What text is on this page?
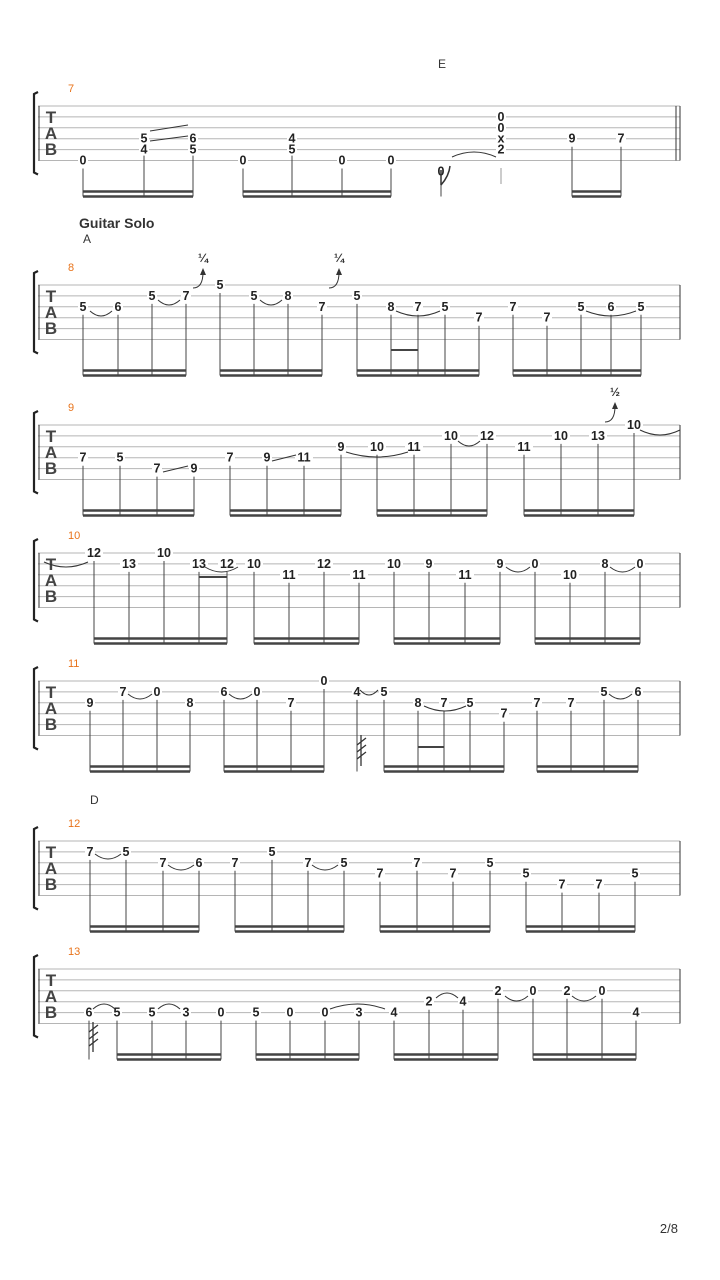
T
A
B
7
E
0
5
4
6
5
0
4
5
0	0
0
0
x
2
0
9	7
T
A
B
8
A
5 6
5 7
5
5 8
7
5
8 7 5
7
7
7
5 6 5
T
A
B
9
7 5
7 9
7 9 11
9 10 11
10 12
11
10 13
10
T
A
B
10
12
13
10
13 12 10
11
12
11
10 9
11
9 0
10
8 0
T
A
B
11
9
7 0
8
6 0
7
0
4 5
8 7 5
7
7 7
5 6
T
A
B
12
D
7 5
7 6 7
5
7 5
7
7
7
5
5
7 7
5
T
A
B
13
6 5 5 3 0 5 0 0 3 4
2 4
2 0 2 0
4
Guitar Solo
¼	¼
½
2/8
